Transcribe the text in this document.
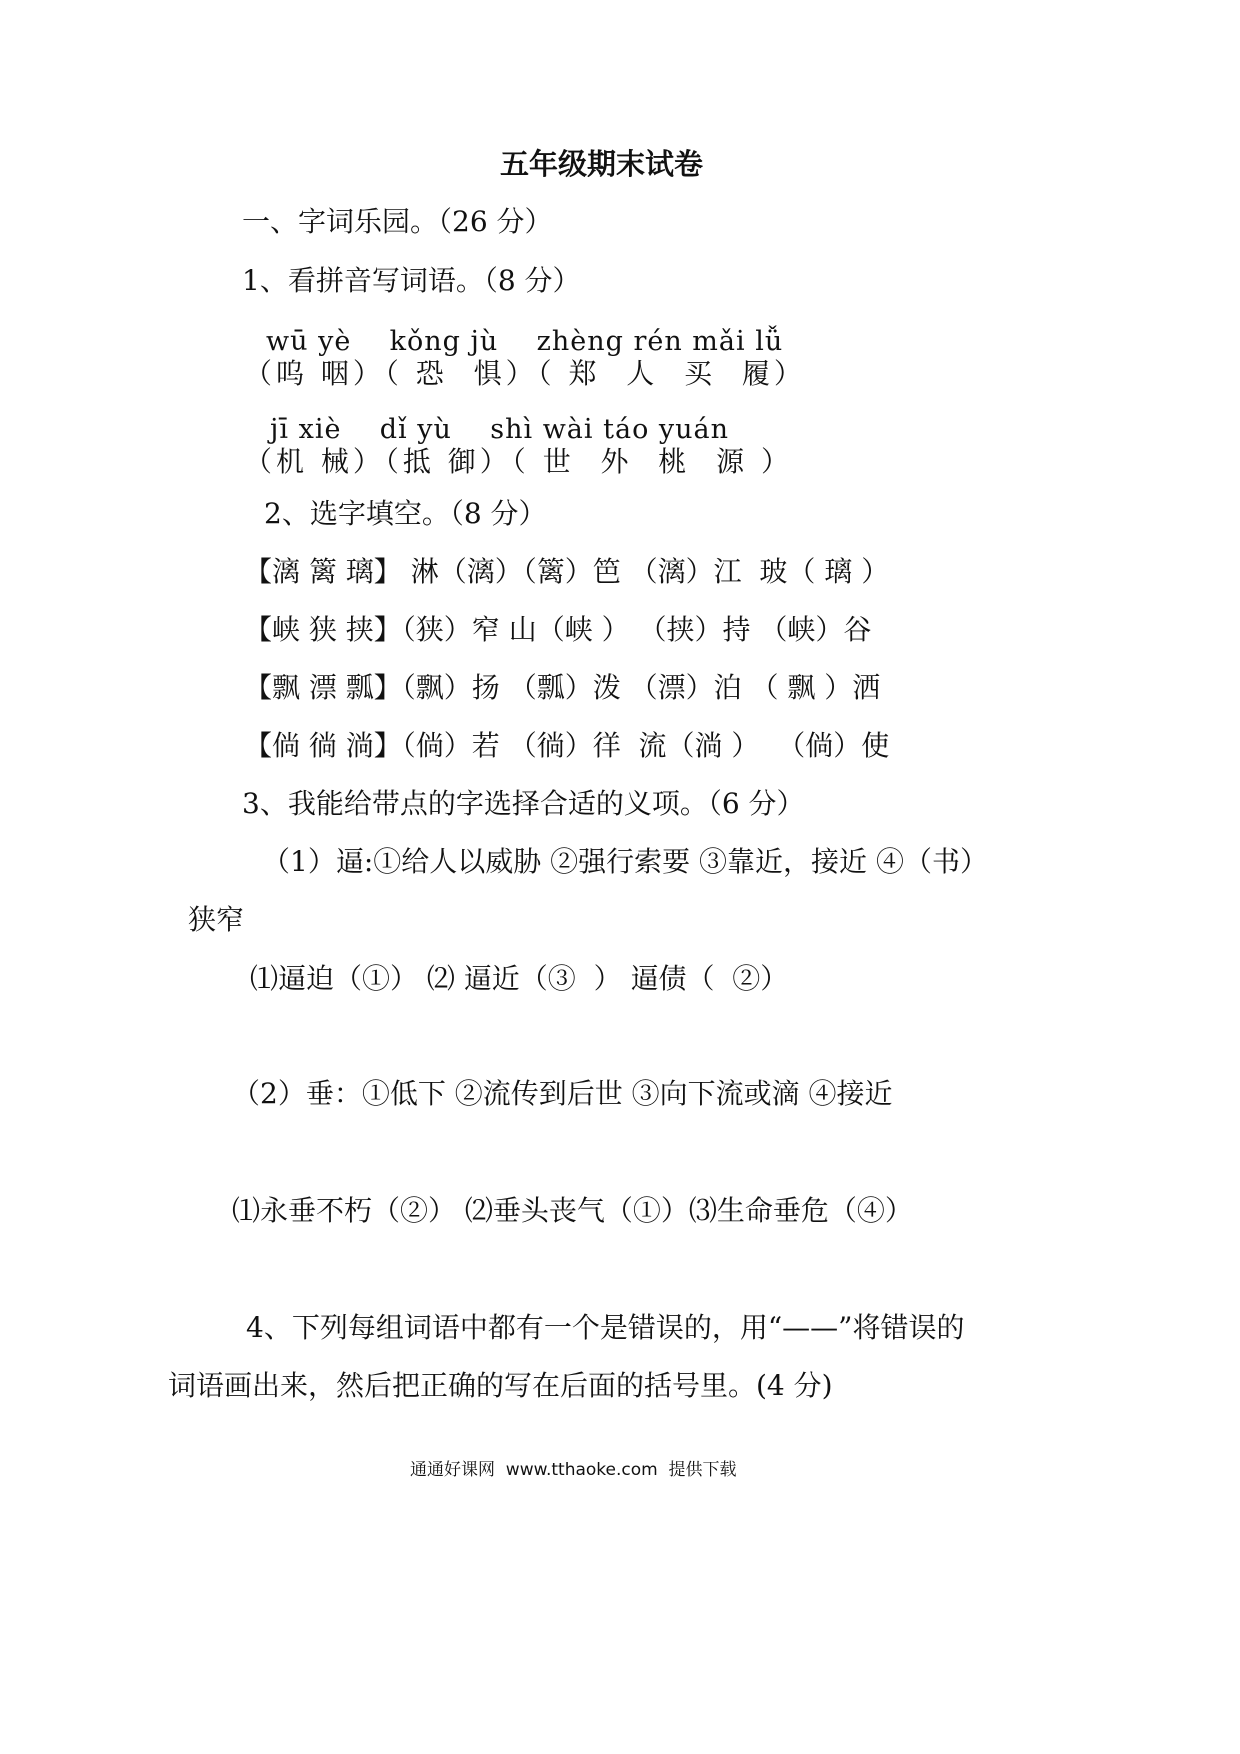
五年级期末试卷
一、字词乐园。（26 分）
1、看拼音写词语。（8 分）
wū yè    kǒng jù    zhèng rén mǎi lǚ
（呜 咽）（ 恐  惧）（ 郑  人  买  履）
jī xiè    dǐ yù    shì wài táo yuán
（机 械）（抵 御）（ 世  外  桃  源 ）
2、选字填空。（8 分）
【漓 篱 璃】 淋（漓）（篱）笆 （漓）江  玻（ 璃 ）
【峡 狭 挟】（狭）窄 山（峡 ） （挟）持 （峡）谷
【飘 漂 瓢】（飘）扬 （瓢）泼 （漂）泊 （ 飘 ）洒
【倘 徜 淌】（倘）若 （徜）徉  流（淌 ）  （倘）使
3、我能给带点的字选择合适的义项。（6 分）
（1）逼:①给人以威胁 ②强行索要 ③靠近，接近 ④（书）
狭窄
⑴逼迫（①） ⑵ 逼近（③  ） 逼债（  ②）
（2）垂：①低下 ②流传到后世 ③向下流或滴 ④接近
⑴永垂不朽（②） ⑵垂头丧气（①）⑶生命垂危（④）
4、下列每组词语中都有一个是错误的，用“——”将错误的
词语画出来，然后把正确的写在后面的括号里。(4 分)
通通好课网  www.tthaoke.com  提供下载
